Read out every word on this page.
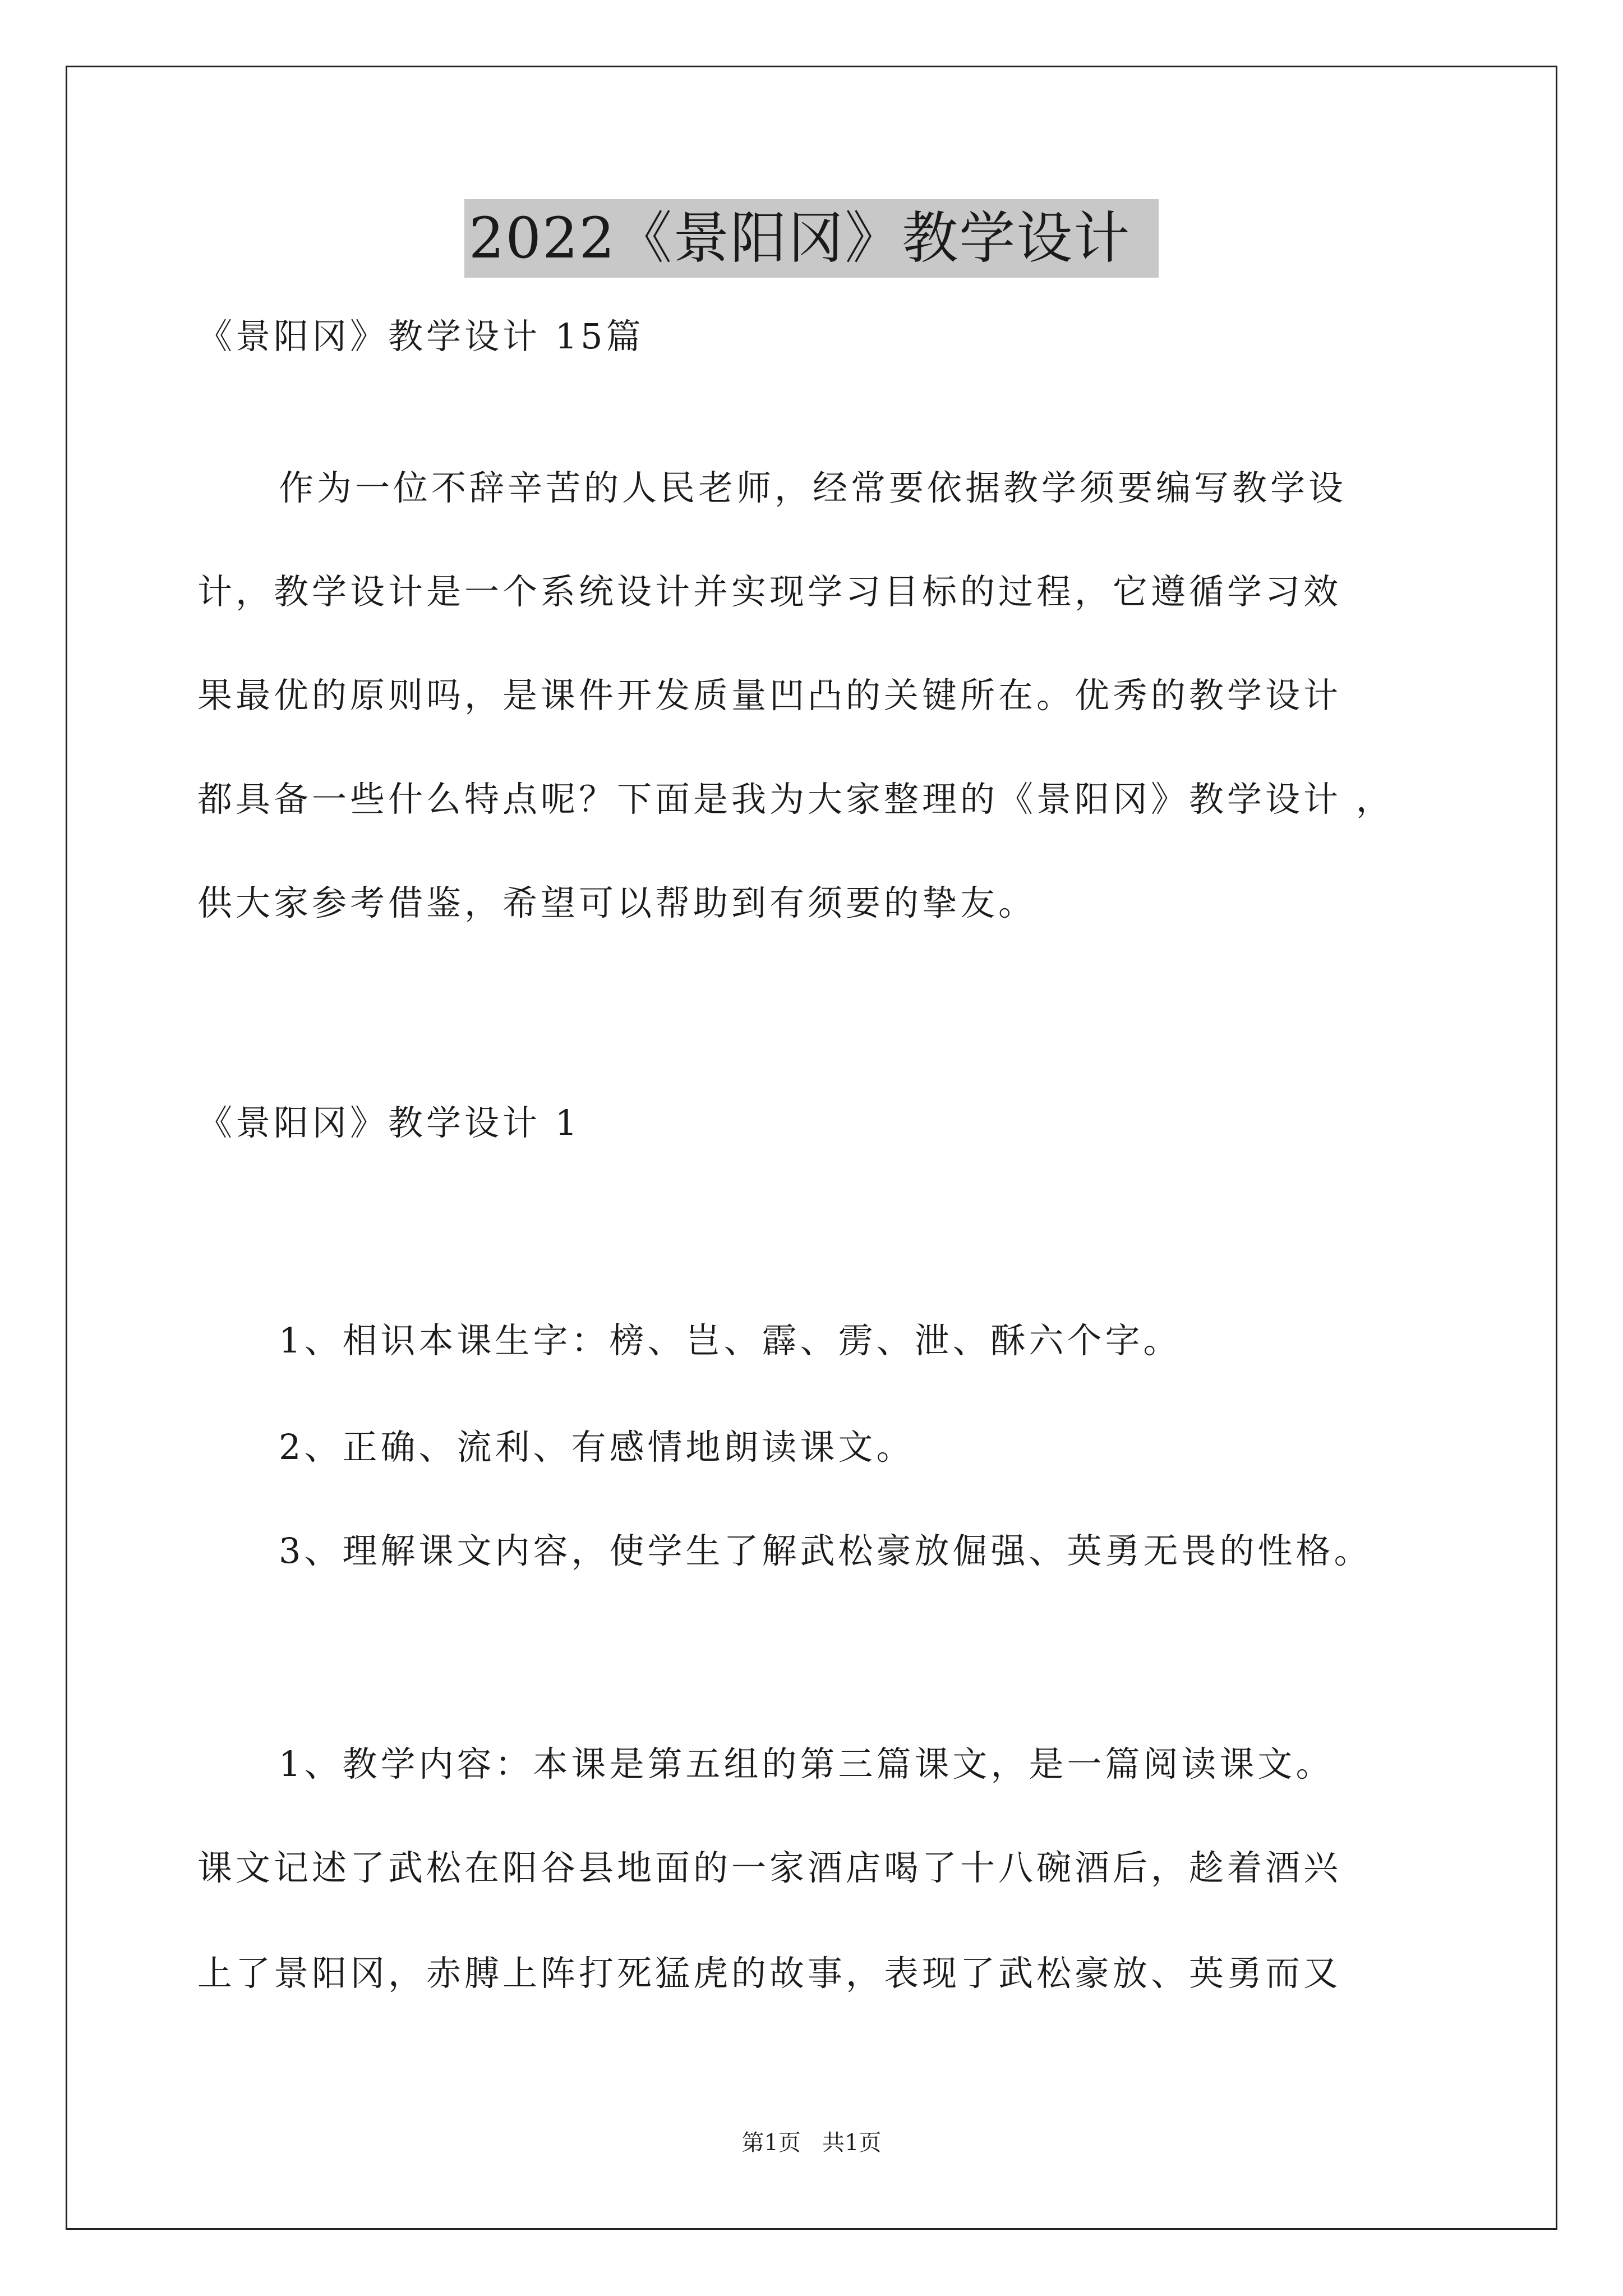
2022《景阳冈》教学设计
《景阳冈》教学设计 15篇
作为一位不辞辛苦的人民老师，经常要依据教学须要编写教学设
计，教学设计是一个系统设计并实现学习目标的过程，它遵循学习效
果最优的原则吗，是课件开发质量凹凸的关键所在。优秀的教学设计
都具备一些什么特点呢？下面是我为大家整理的《景阳冈》教学设计 ，
供大家参考借鉴，希望可以帮助到有须要的挚友。
《景阳冈》教学设计 1
1、相识本课生字：榜、岂、霹、雳、泄、酥六个字。
2、正确、流利、有感情地朗读课文。
3、理解课文内容，使学生了解武松豪放倔强、英勇无畏的性格。
1、教学内容：本课是第五组的第三篇课文，是一篇阅读课文。
课文记述了武松在阳谷县地面的一家酒店喝了十八碗酒后，趁着酒兴
上了景阳冈，赤膊上阵打死猛虎的故事，表现了武松豪放、英勇而又
第1页   共1页
